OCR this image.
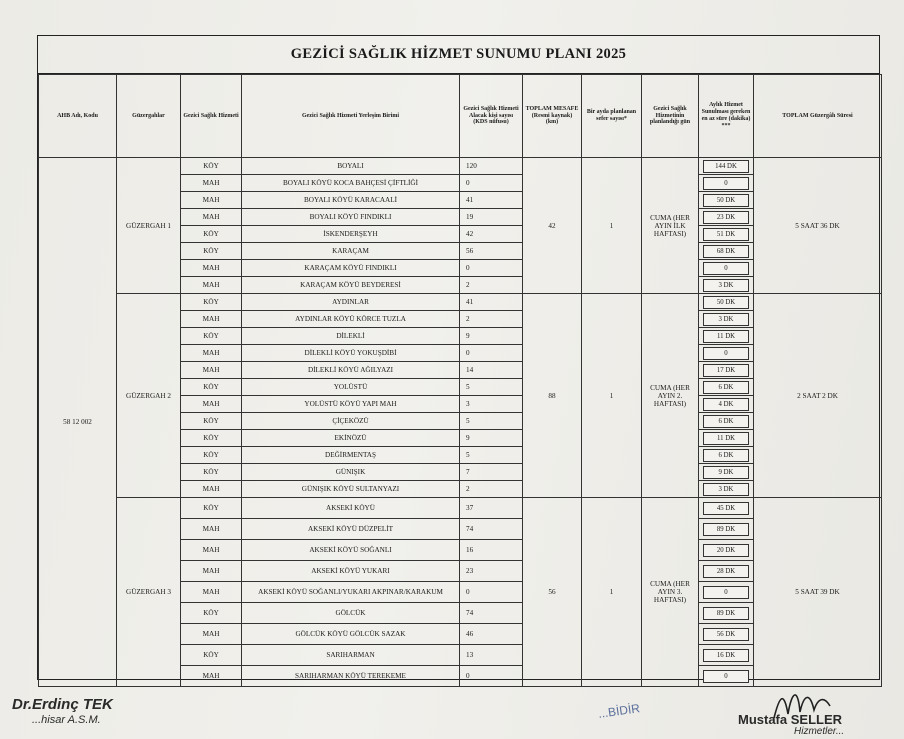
GEZİCİ SAĞLIK HİZMET SUNUMU PLANI 2025
AHB Adı, Kodu	Güzergahlar	Gezici Sağlık Hizmeti	Gezici Sağlık Hizmeti Yerleşim Birimi	Gezici Sağlık Hizmeti Alacak kişi sayısı (KDS nüfusu)	TOPLAM MESAFE (Resmi kaynak) (km)	Bir ayda planlanan sefer sayısı*	Gezici Sağlık Hizmetinin planlandığı gün	Aylık Hizmet Sunulması gereken en az süre (dakika) ***	TOPLAM Güzergâh Süresi
58 12 002	GÜZERGAH 1	KÖY	BOYALI	120	42	1	CUMA (HER AYIN İLK HAFTASI)	144 DK	5 SAAT 36 DK
		MAH	BOYALI KÖYÜ KOCA BAHÇESİ ÇİFTLİĞİ	0				0	
		MAH	BOYALI KÖYÜ KARACAALİ	41				50 DK	
		MAH	BOYALI KÖYÜ FINDIKLI	19				23 DK	
		KÖY	İSKENDERŞEYH	42				51 DK	
		KÖY	KARAÇAM	56				68 DK	
		MAH	KARAÇAM KÖYÜ FINDIKLI	0				0	
		MAH	KARAÇAM KÖYÜ BEYDERESİ	2				3 DK	
	GÜZERGAH 2	KÖY	AYDINLAR	41	88	1	CUMA (HER AYIN 2. HAFTASI)	50 DK	2 SAAT 2 DK
		MAH	AYDINLAR KÖYÜ KÖRCE TUZLA	2				3 DK	
		KÖY	DİLEKLİ	9				11 DK	
		MAH	DİLEKLİ KÖYÜ YOKUŞDİBİ	0				0	
		MAH	DİLEKLİ KÖYÜ AĞILYAZI	14				17 DK	
		KÖY	YOLÜSTÜ	5				6 DK	
		MAH	YOLÜSTÜ KÖYÜ YAPI MAH	3				4 DK	
		KÖY	ÇİÇEKÖZÜ	5				6 DK	
		KÖY	EKİNÖZÜ	9				11 DK	
		KÖY	DEĞİRMENTAŞ	5				6 DK	
		KÖY	GÜNIŞIK	7				9 DK	
		MAH	GÜNIŞIK KÖYÜ SULTANYAZI	2				3 DK	
	GÜZERGAH 3	KÖY	AKSEKİ KÖYÜ	37	56	1	CUMA (HER AYIN 3. HAFTASI)	45 DK	5 SAAT 39 DK
		MAH	AKSEKİ KÖYÜ DÜZPELİT	74				89 DK	
		MAH	AKSEKİ KÖYÜ SOĞANLI	16				20 DK	
		MAH	AKSEKİ KÖYÜ YUKARI	23				28 DK	
		MAH	AKSEKİ KÖYÜ SOĞANLI/YUKARI AKPINAR/KARAKUM	0				0	
		KÖY	GÖLCÜK	74				89 DK	
		MAH	GÖLCÜK KÖYÜ GÖLCÜK SAZAK	46				56 DK	
		KÖY	SARIHARMAN	13				16 DK	
		MAH	SARIHARMAN KÖYÜ TEREKEME	0				0	
Dr.Erdinç TEK
...hisar A.S.M.	...BİDİR	Mustafa SELLER
Hizmetler...
